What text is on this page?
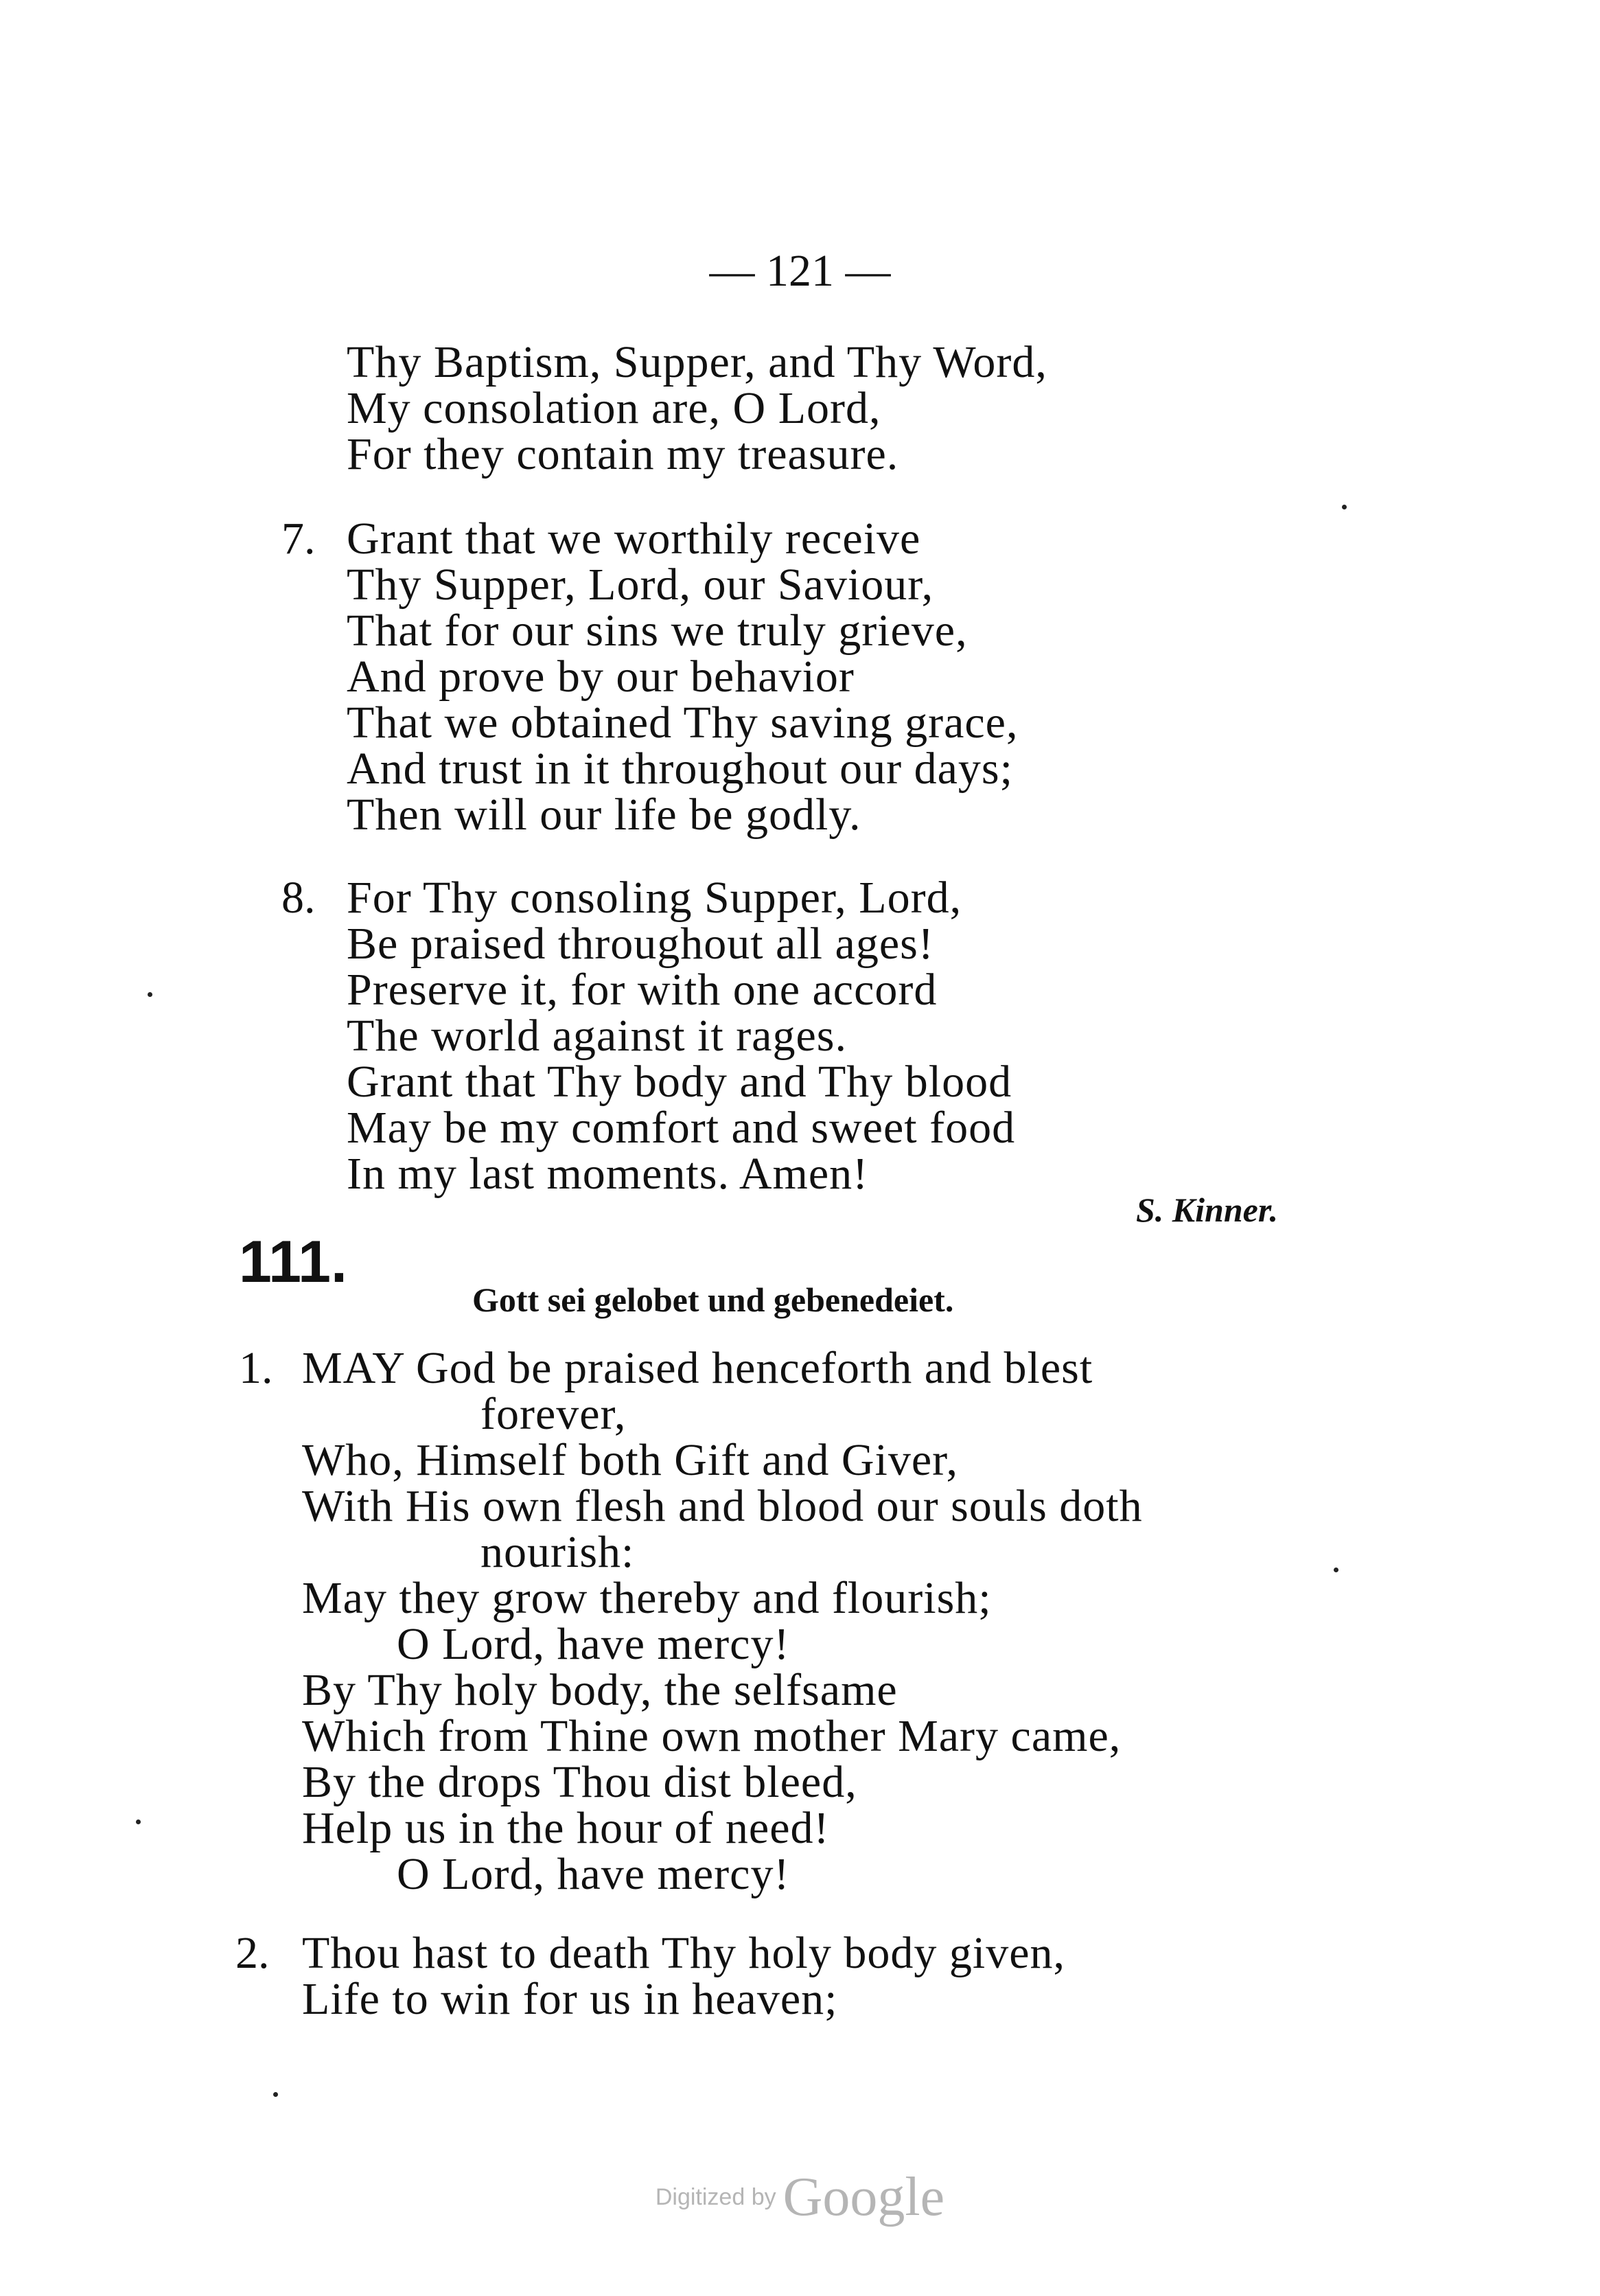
— 121 —
Thy Baptism, Supper, and Thy Word,
My consolation are, O Lord,
For they contain my treasure.
7. Grant that we worthily receive
Thy Supper, Lord, our Saviour,
That for our sins we truly grieve,
And prove by our behavior
That we obtained Thy saving grace,
And trust in it throughout our days;
Then will our life be godly.
8. For Thy consoling Supper, Lord,
Be praised throughout all ages!
Preserve it, for with one accord
The world against it rages.
Grant that Thy body and Thy blood
May be my comfort and sweet food
In my last moments. Amen!
S. Kinner.
111.
Gott sei gelobet und gebenedeiet.
1. MAY God be praised henceforth and blest
forever,
Who, Himself both Gift and Giver,
With His own flesh and blood our souls doth
nourish:
May they grow thereby and flourish;
O Lord, have mercy!
By Thy holy body, the selfsame
Which from Thine own mother Mary came,
By the drops Thou dist bleed,
Help us in the hour of need!
O Lord, have mercy!
2. Thou hast to death Thy holy body given,
Life to win for us in heaven;
Digitized by Google
